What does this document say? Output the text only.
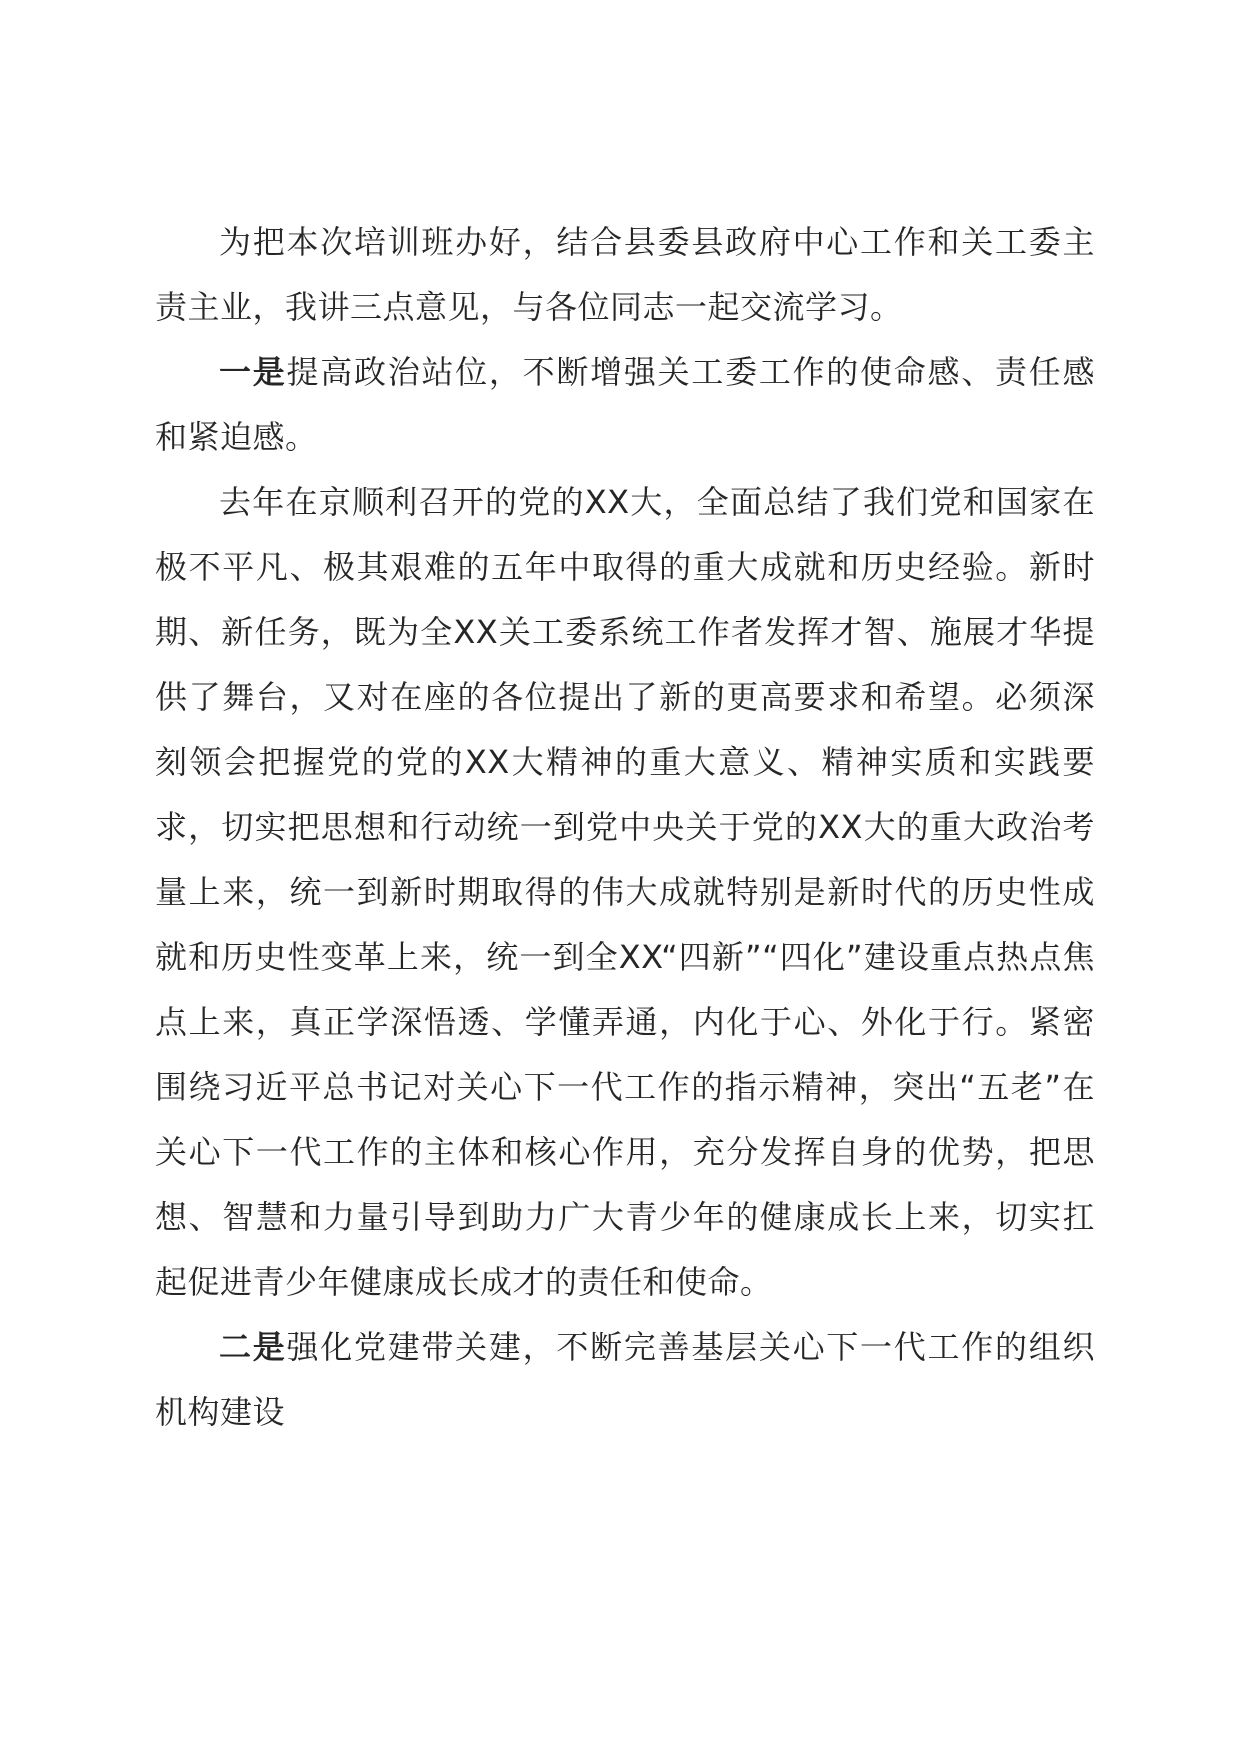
为把本次培训班办好，结合县委县政府中心工作和关工委主责主业，我讲三点意见，与各位同志一起交流学习。

一是提高政治站位，不断增强关工委工作的使命感、责任感和紧迫感。

去年在京顺利召开的党的XX大，全面总结了我们党和国家在极不平凡、极其艰难的五年中取得的重大成就和历史经验。新时期、新任务，既为全XX关工委系统工作者发挥才智、施展才华提供了舞台，又对在座的各位提出了新的更高要求和希望。必须深刻领会把握党的党的XX大精神的重大意义、精神实质和实践要求，切实把思想和行动统一到党中央关于党的XX大的重大政治考量上来，统一到新时期取得的伟大成就特别是新时代的历史性成就和历史性变革上来，统一到全XX“四新”“四化”建设重点热点焦点上来，真正学深悟透、学懂弄通，内化于心、外化于行。紧密围绕习近平总书记对关心下一代工作的指示精神，突出“五老”在关心下一代工作的主体和核心作用，充分发挥自身的优势，把思想、智慧和力量引导到助力广大青少年的健康成长上来，切实扛起促进青少年健康成长成才的责任和使命。

二是强化党建带关建，不断完善基层关心下一代工作的组织机构建设
